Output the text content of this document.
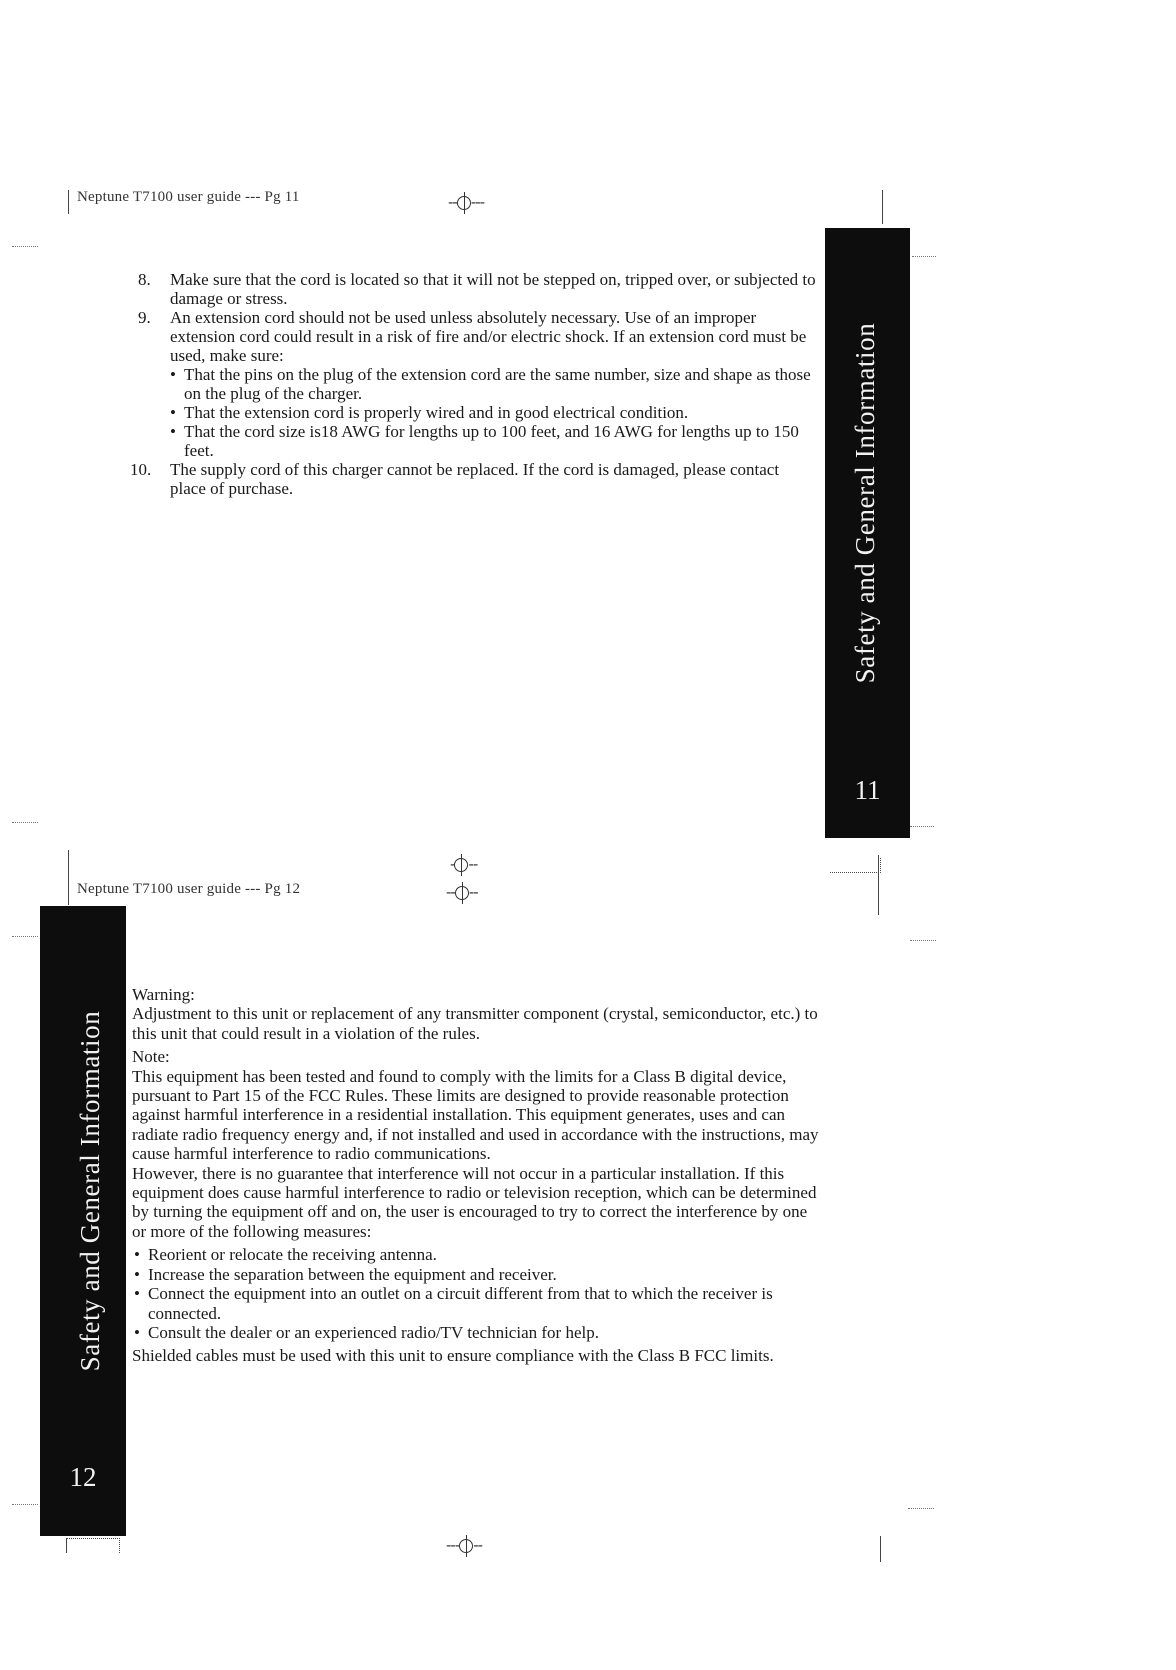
Neptune T7100 user guide --- Pg 11	-- ---
Safety and General Information
11
8. Make sure that the cord is located so that it will not be stepped on, tripped over, or subjected to damage or stress.
9. An extension cord should not be used unless absolutely necessary. Use of an improper extension cord could result in a risk of fire and/or electric shock. If an extension cord must be used, make sure:
• That the pins on the plug of the extension cord are the same number, size and shape as those on the plug of the charger.
• That the extension cord is properly wired and in good electrical condition.
• That the cord size is18 AWG for lengths up to 100 feet, and 16 AWG for lengths up to 150 feet.
10. The supply cord of this charger cannot be replaced. If the cord is damaged, please contact place of purchase.
- --
Neptune T7100 user guide --- Pg 12	-- --
Safety and General Information
12

Warning:

Adjustment to this unit or replacement of any transmitter component (crystal, semiconductor, etc.) to this unit that could result in a violation of the rules.

Note:

This equipment has been tested and found to comply with the limits for a Class B digital device, pursuant to Part 15 of the FCC Rules. These limits are designed to provide reasonable protection against harmful interference in a residential installation. This equipment generates, uses and can radiate radio frequency energy and, if not installed and used in accordance with the instructions, may cause harmful interference to radio communications.

However, there is no guarantee that interference will not occur in a particular installation. If this equipment does cause harmful interference to radio or television reception, which can be determined by turning the equipment off and on, the user is encouraged to try to correct the interference by one or more of the following measures:

• Reorient or relocate the receiving antenna.
• Increase the separation between the equipment and receiver.
• Connect the equipment into an outlet on a circuit different from that to which the receiver is connected.
• Consult the dealer or an experienced radio/TV technician for help.

Shielded cables must be used with this unit to ensure compliance with the Class B FCC limits.

--- --
